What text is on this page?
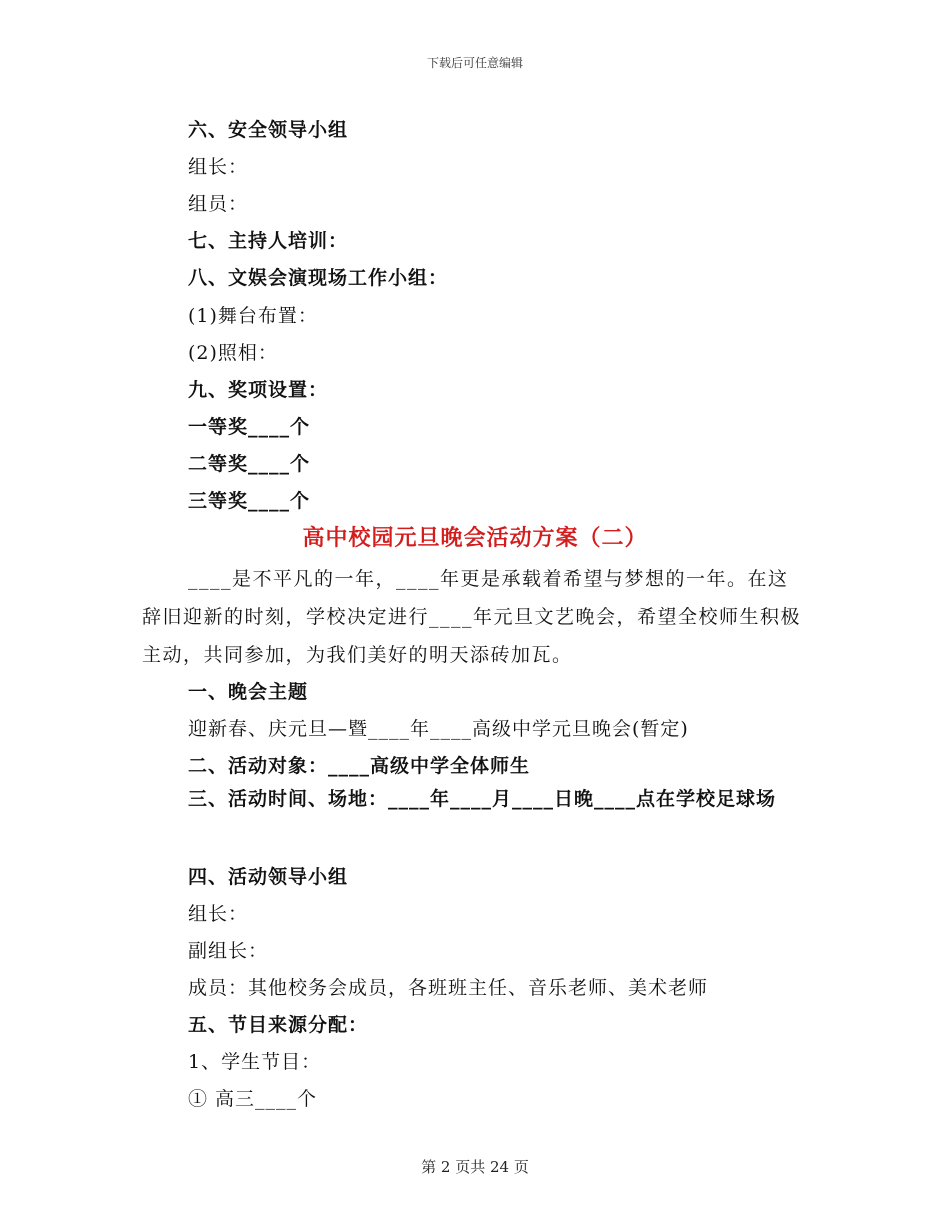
下载后可任意编辑
六、安全领导小组
组长：
组员：
七、主持人培训：
八、文娱会演现场工作小组：
(1)舞台布置：
(2)照相：
九、奖项设置：
一等奖____个
二等奖____个
三等奖____个
高中校园元旦晚会活动方案（二）
____是不平凡的一年，____年更是承载着希望与梦想的一年。在这辞旧迎新的时刻，学校决定进行____年元旦文艺晚会，希望全校师生积极主动，共同参加，为我们美好的明天添砖加瓦。
一、晚会主题
迎新春、庆元旦—暨____年____高级中学元旦晚会(暂定)
二、活动对象：____高级中学全体师生
三、活动时间、场地：____年____月____日晚____点在学校足球场
四、活动领导小组
组长：
副组长：
成员：其他校务会成员，各班班主任、音乐老师、美术老师
五、节目来源分配：
1、学生节目：
① 高三____个
第 2 页共 24 页
